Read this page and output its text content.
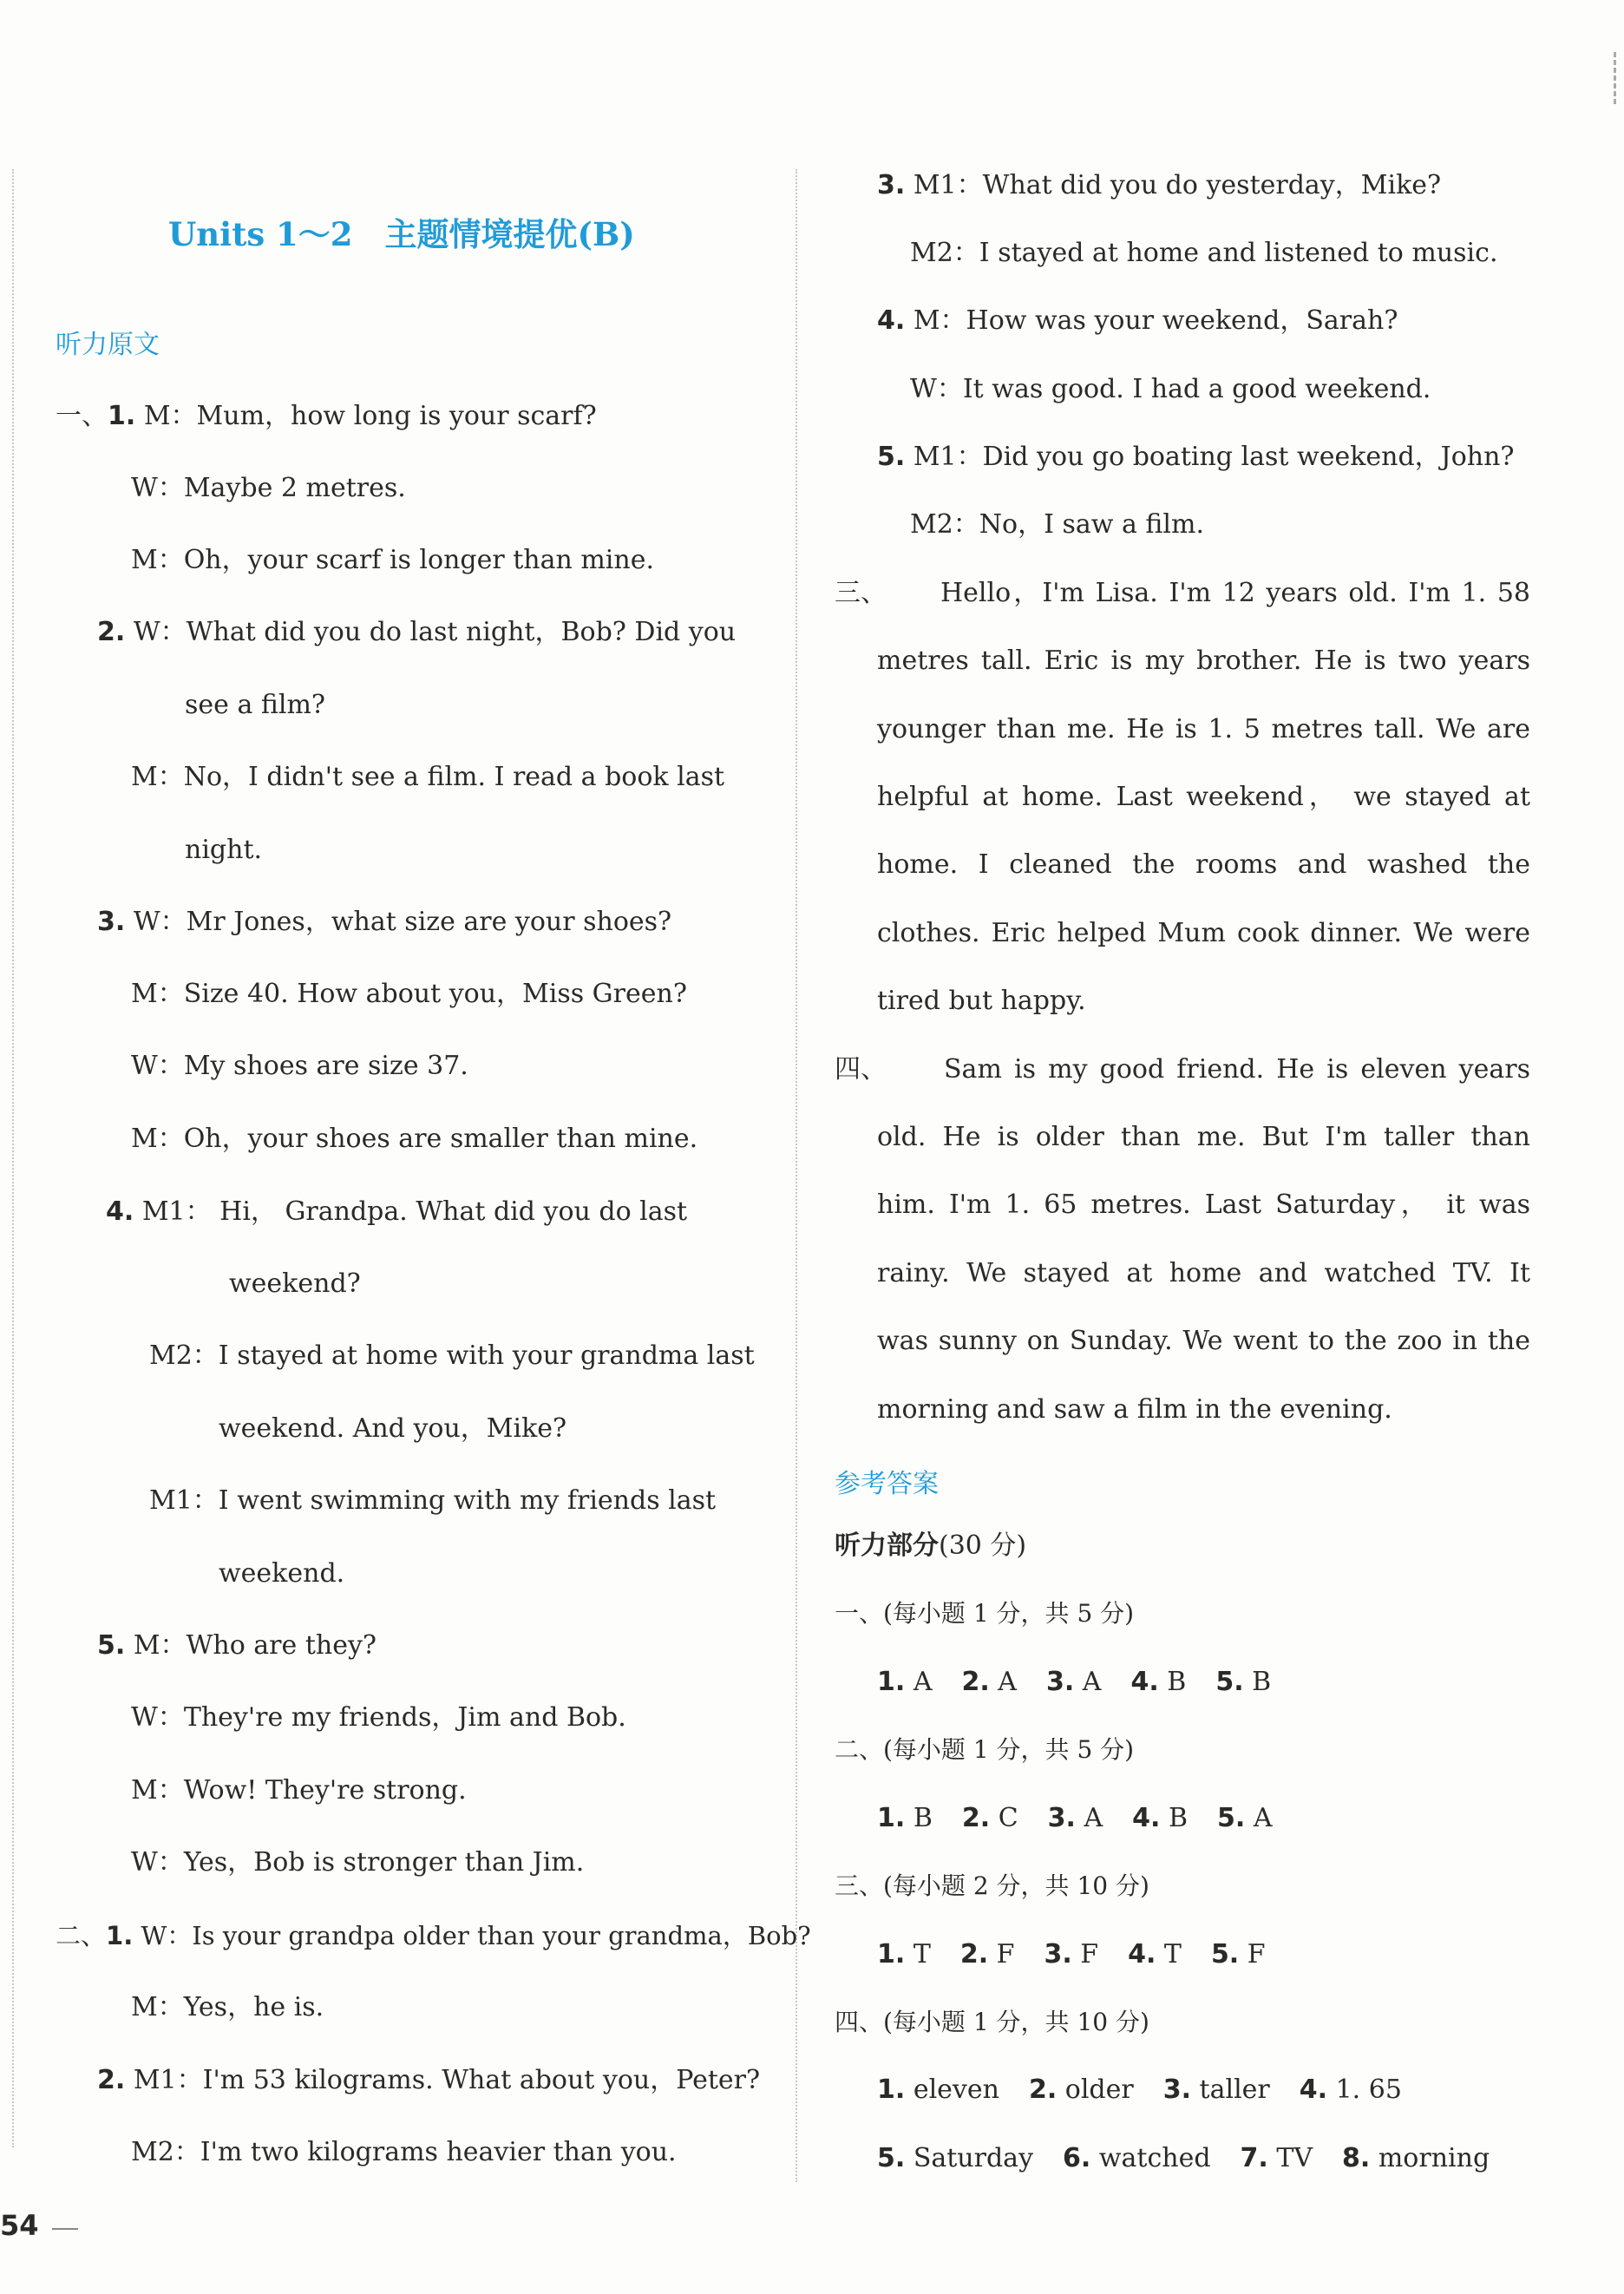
Units 1～2　主题情境提优(B)
听力原文
一、1. M：Mum，how long is your scarf?
W：Maybe 2 metres.
M：Oh，your scarf is longer than mine.
2. W：What did you do last night，Bob? Did you
see a film?
M：No，I didn't see a film. I read a book last
night.
3. W：Mr Jones，what size are your shoes?
M：Size 40. How about you，Miss Green?
W：My shoes are size 37.
M：Oh，your shoes are smaller than mine.
4. M1： Hi， Grandpa. What did you do last
weekend?
M2：I stayed at home with your grandma last
weekend. And you，Mike?
M1：I went swimming with my friends last
weekend.
5. M：Who are they?
W：They're my friends，Jim and Bob.
M：Wow! They're strong.
W：Yes，Bob is stronger than Jim.
二、1. W：Is your grandpa older than your grandma，Bob?
M：Yes，he is.
2. M1：I'm 53 kilograms. What about you，Peter?
M2：I'm two kilograms heavier than you.
54
3. M1：What did you do yesterday，Mike?
M2：I stayed at home and listened to music.
4. M：How was your weekend，Sarah?
W：It was good. I had a good weekend.
5. M1：Did you go boating last weekend，John?
M2：No，I saw a film.
三、 Hello，I'm Lisa. I'm 12 years old. I'm 1. 58
metres tall. Eric is my brother. He is two years
younger than me. He is 1. 5 metres tall. We are
helpful at home. Last weekend， we stayed at
home. I cleaned the rooms and washed the
clothes. Eric helped Mum cook dinner. We were
tired but happy.
四、 Sam is my good friend. He is eleven years
old. He is older than me. But I'm taller than
him. I'm 1. 65 metres. Last Saturday， it was
rainy. We stayed at home and watched TV. It
was sunny on Sunday. We went to the zoo in the
morning and saw a film in the evening.
参考答案
听力部分(30 分)
一、(每小题 1 分，共 5 分)
1. A 2. A 3. A 4. B 5. B
二、(每小题 1 分，共 5 分)
1. B 2. C 3. A 4. B 5. A
三、(每小题 2 分，共 10 分)
1. T 2. F 3. F 4. T 5. F
四、(每小题 1 分，共 10 分)
1. eleven 2. older 3. taller 4. 1. 65
5. Saturday 6. watched 7. TV 8. morning
